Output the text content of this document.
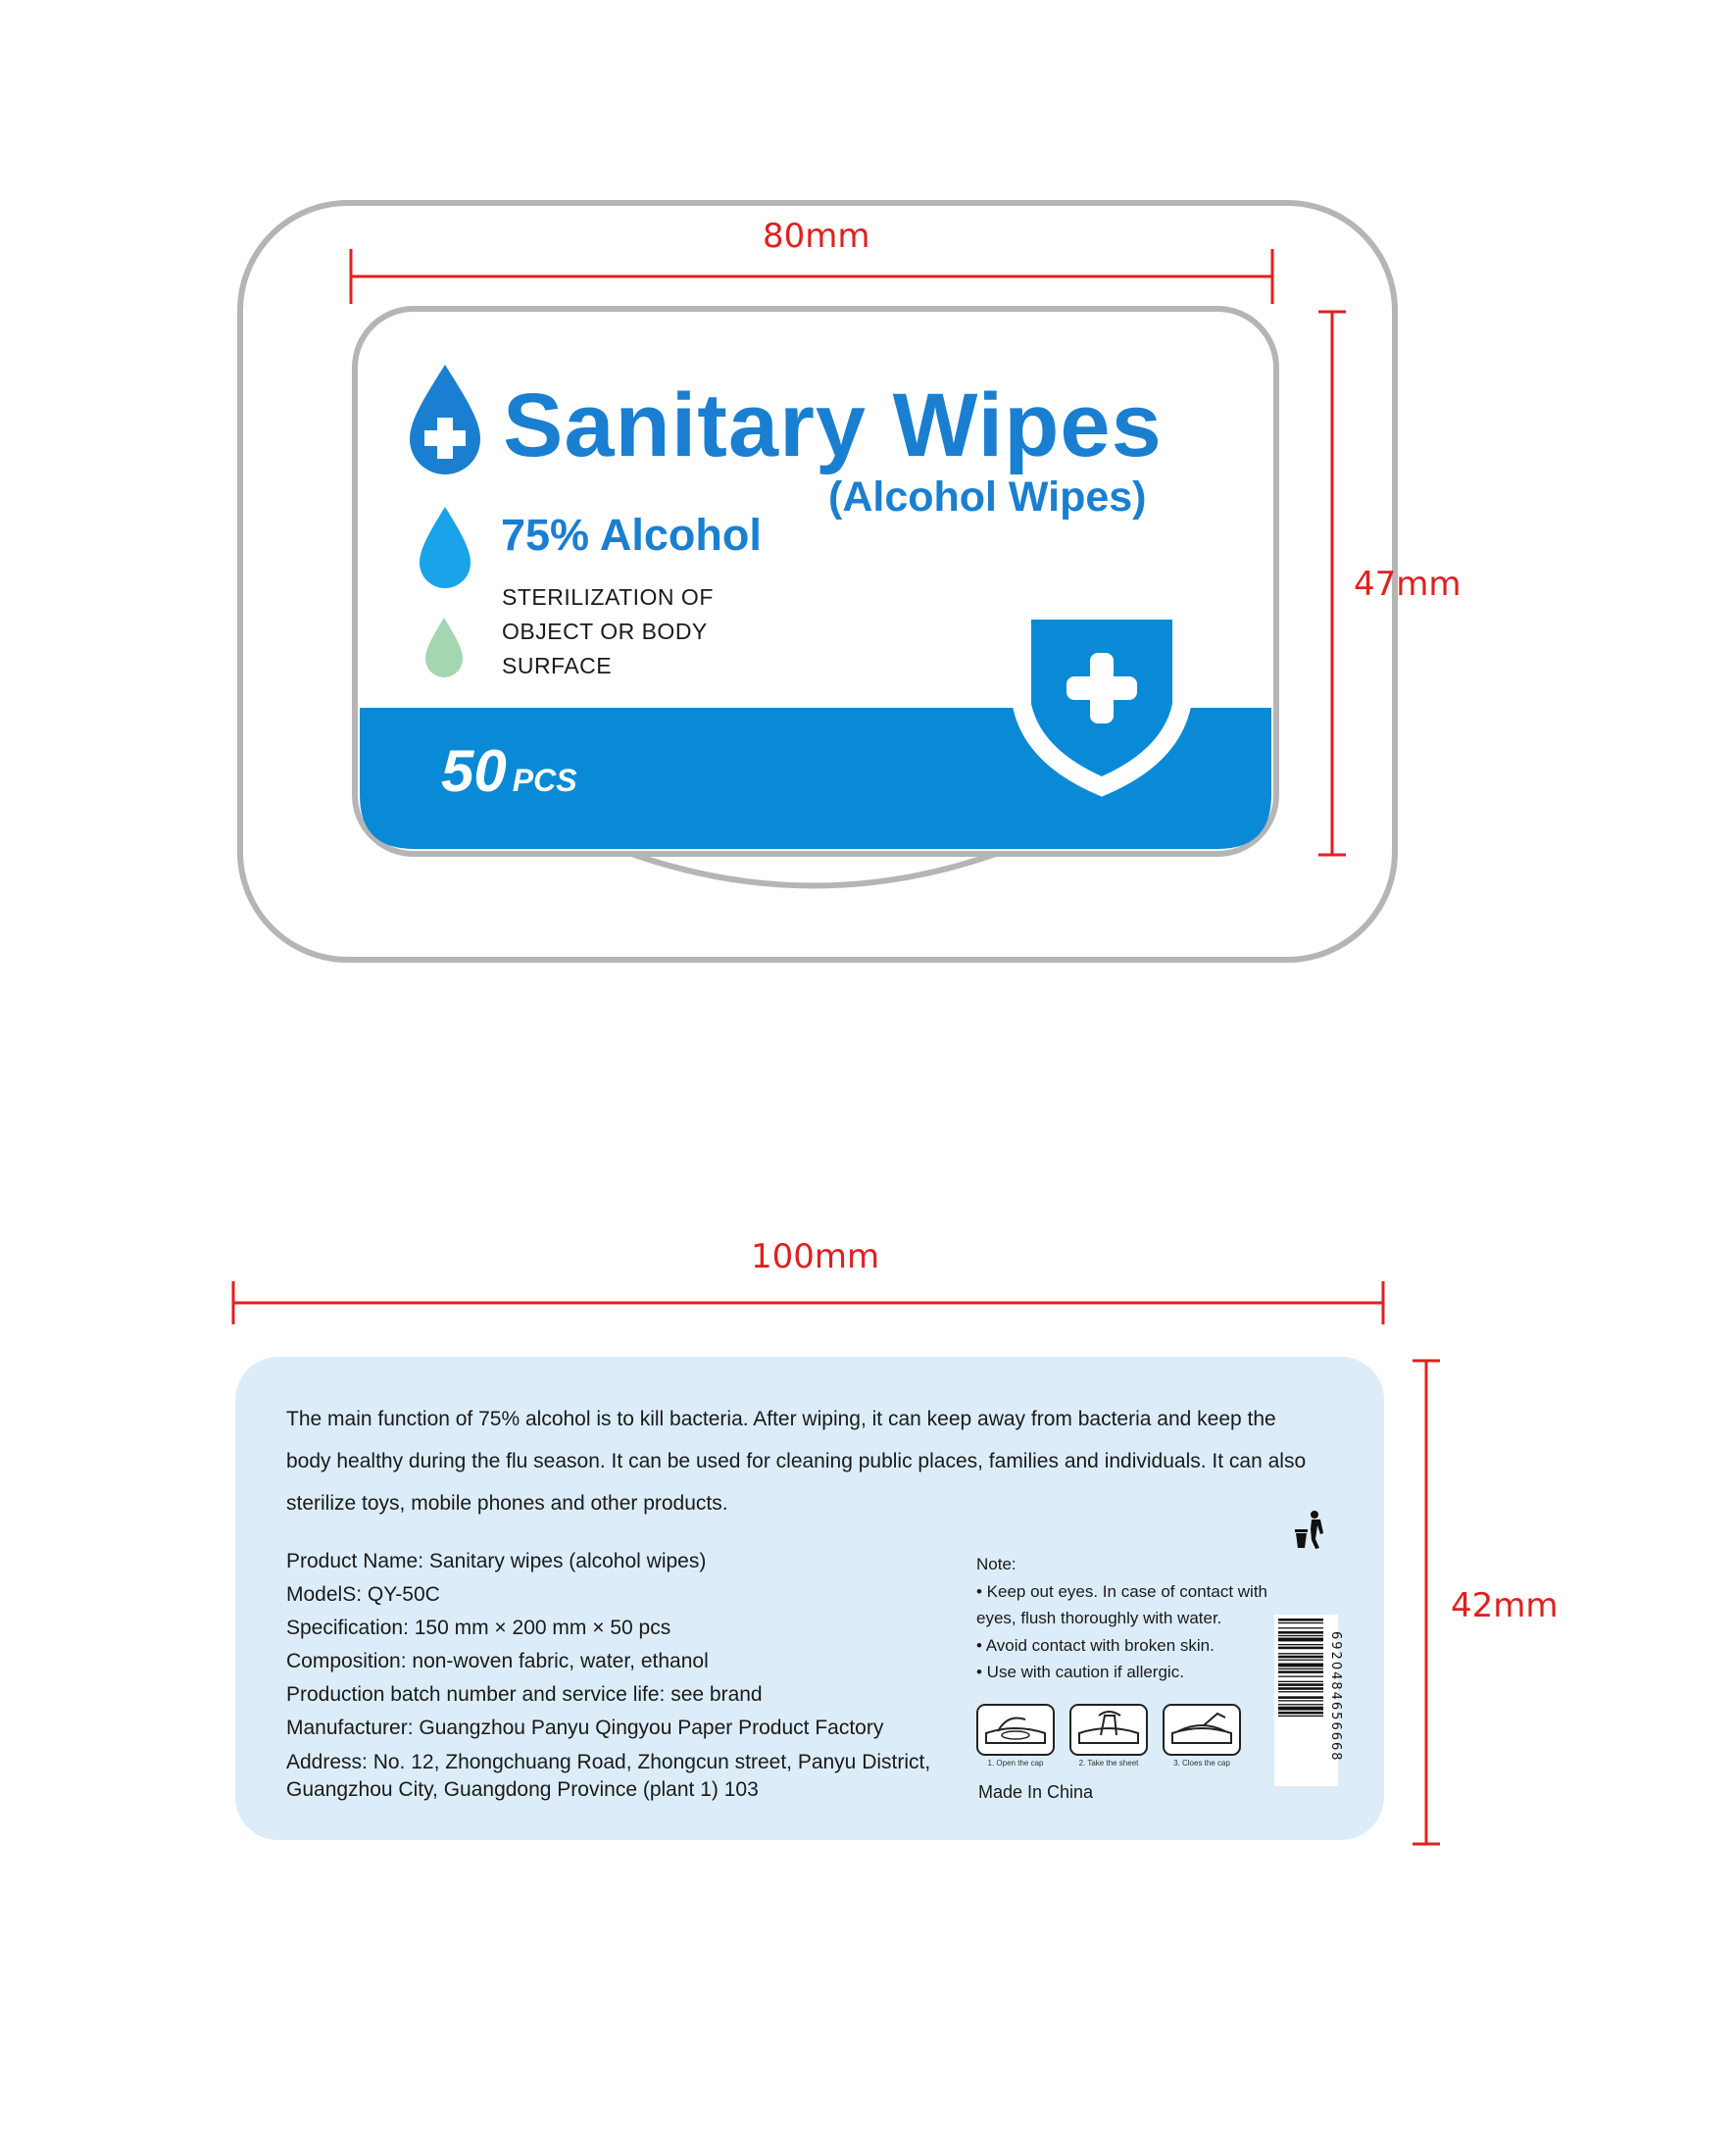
80mm
47mm
100mm
42mm
Sanitary Wipes
(Alcohol Wipes)
75% Alcohol
STERILIZATION OF
OBJECT OR BODY
SURFACE
50 PCS
The main function of 75% alcohol is to kill bacteria. After wiping, it can keep away from bacteria and keep the
body healthy during the flu season. It can be used for cleaning public places, families and individuals. It can also
sterilize toys, mobile phones and other products.
Product Name: Sanitary wipes (alcohol wipes)
ModelS: QY-50C
Specification: 150 mm × 200 mm × 50 pcs
Composition: non-woven fabric, water, ethanol
Production batch number and service life: see brand
Manufacturer: Guangzhou Panyu Qingyou Paper Product Factory
Address: No. 12, Zhongchuang Road, Zhongcun street, Panyu District,
Guangzhou City, Guangdong Province (plant 1) 103
Note:
• Keep out eyes. In case of contact with
eyes, flush thoroughly with water.
• Avoid contact with broken skin.
• Use with caution if allergic.
1. Open the cap	2. Take the sheet	3. Cloes the cap
Made In China
6920484656668
